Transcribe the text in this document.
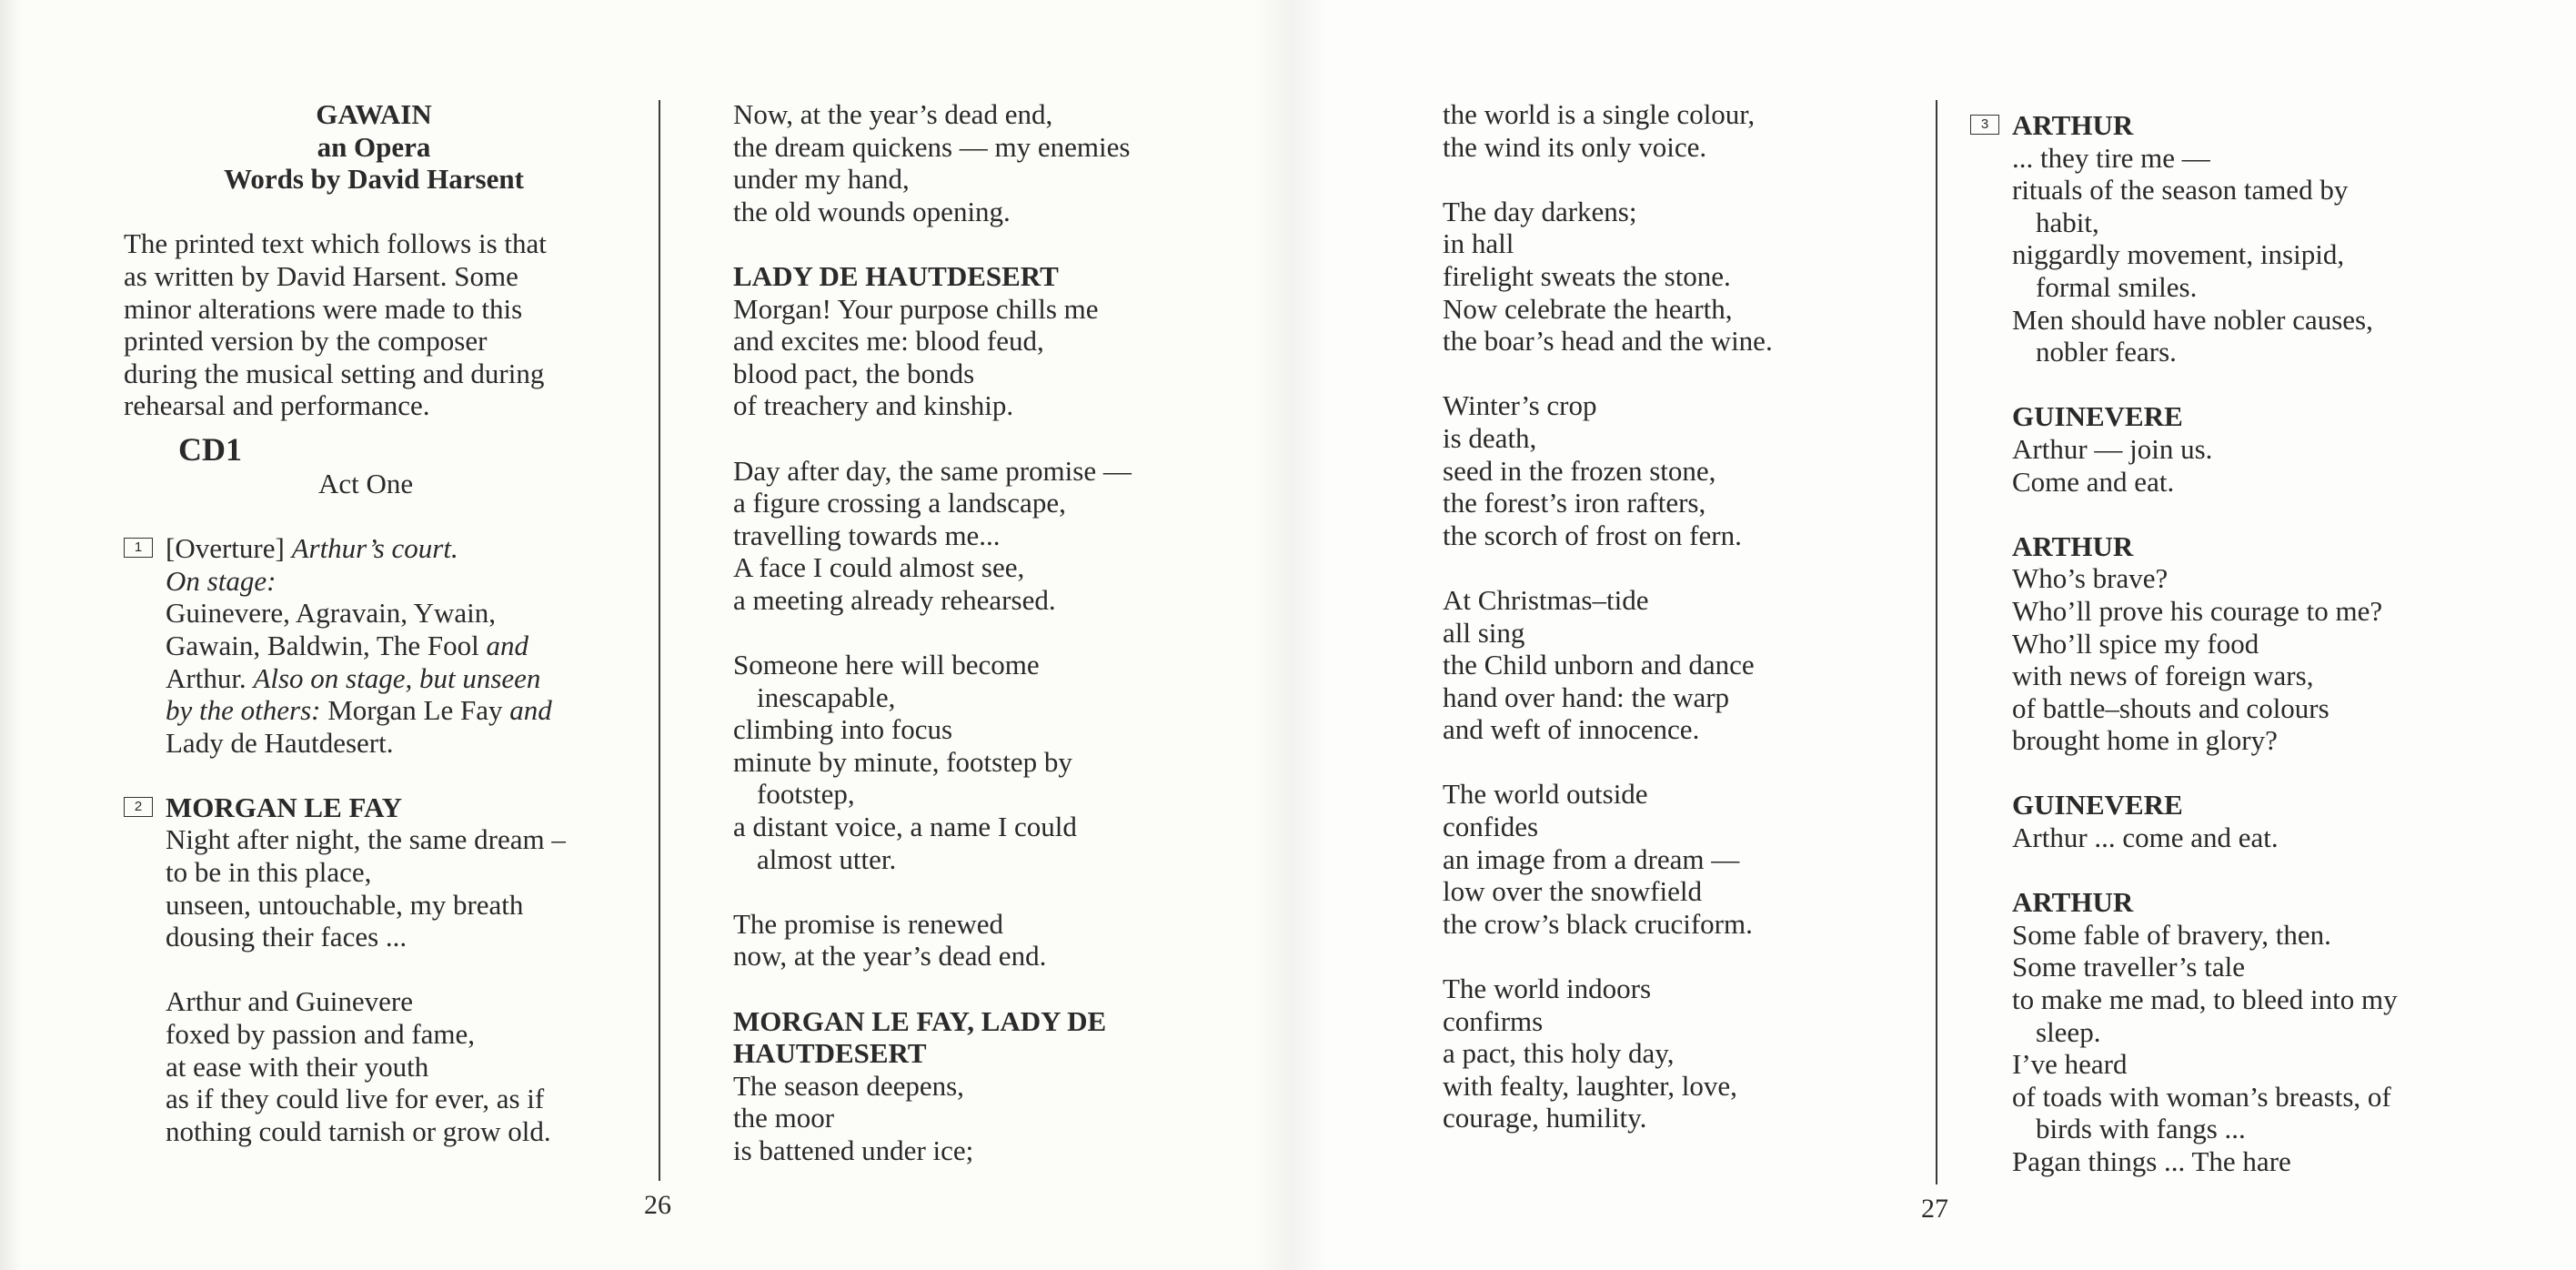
GAWAIN
an Opera
Words by David Harsent
The printed text which follows is that
as written by David Harsent. Some
minor alterations were made to this
printed version by the composer
during the musical setting and during
rehearsal and performance.
CD1
Act One
1 [Overture] Arthur’s court.
On stage:
Guinevere, Agravain, Ywain,
Gawain, Baldwin, The Fool and
Arthur. Also on stage, but unseen
by the others: Morgan Le Fay and
Lady de Hautdesert.
2 MORGAN LE FAY
Night after night, the same dream –
to be in this place,
unseen, untouchable, my breath
dousing their faces ...
Arthur and Guinevere
foxed by passion and fame,
at ease with their youth
as if they could live for ever, as if
nothing could tarnish or grow old.
26
Now, at the year’s dead end,
the dream quickens — my enemies
under my hand,
the old wounds opening.
LADY DE HAUTDESERT
Morgan! Your purpose chills me
and excites me: blood feud,
blood pact, the bonds
of treachery and kinship.
Day after day, the same promise —
a figure crossing a landscape,
travelling towards me...
A face I could almost see,
a meeting already rehearsed.
Someone here will become
inescapable,
climbing into focus
minute by minute, footstep by
footstep,
a distant voice, a name I could
almost utter.
The promise is renewed
now, at the year’s dead end.
MORGAN LE FAY, LADY DE
HAUTDESERT
The season deepens,
the moor
is battened under ice;
the world is a single colour,
the wind its only voice.
The day darkens;
in hall
firelight sweats the stone.
Now celebrate the hearth,
the boar’s head and the wine.
Winter’s crop
is death,
seed in the frozen stone,
the forest’s iron rafters,
the scorch of frost on fern.
At Christmas–tide
all sing
the Child unborn and dance
hand over hand: the warp
and weft of innocence.
The world outside
confides
an image from a dream —
low over the snowfield
the crow’s black cruciform.
The world indoors
confirms
a pact, this holy day,
with fealty, laughter, love,
courage, humility.
27
3 ARTHUR
... they tire me —
rituals of the season tamed by
habit,
niggardly movement, insipid,
formal smiles.
Men should have nobler causes,
nobler fears.
GUINEVERE
Arthur — join us.
Come and eat.
ARTHUR
Who’s brave?
Who’ll prove his courage to me?
Who’ll spice my food
with news of foreign wars,
of battle–shouts and colours
brought home in glory?
GUINEVERE
Arthur ... come and eat.
ARTHUR
Some fable of bravery, then.
Some traveller’s tale
to make me mad, to bleed into my
sleep.
I’ve heard
of toads with woman’s breasts, of
birds with fangs ...
Pagan things ... The hare
